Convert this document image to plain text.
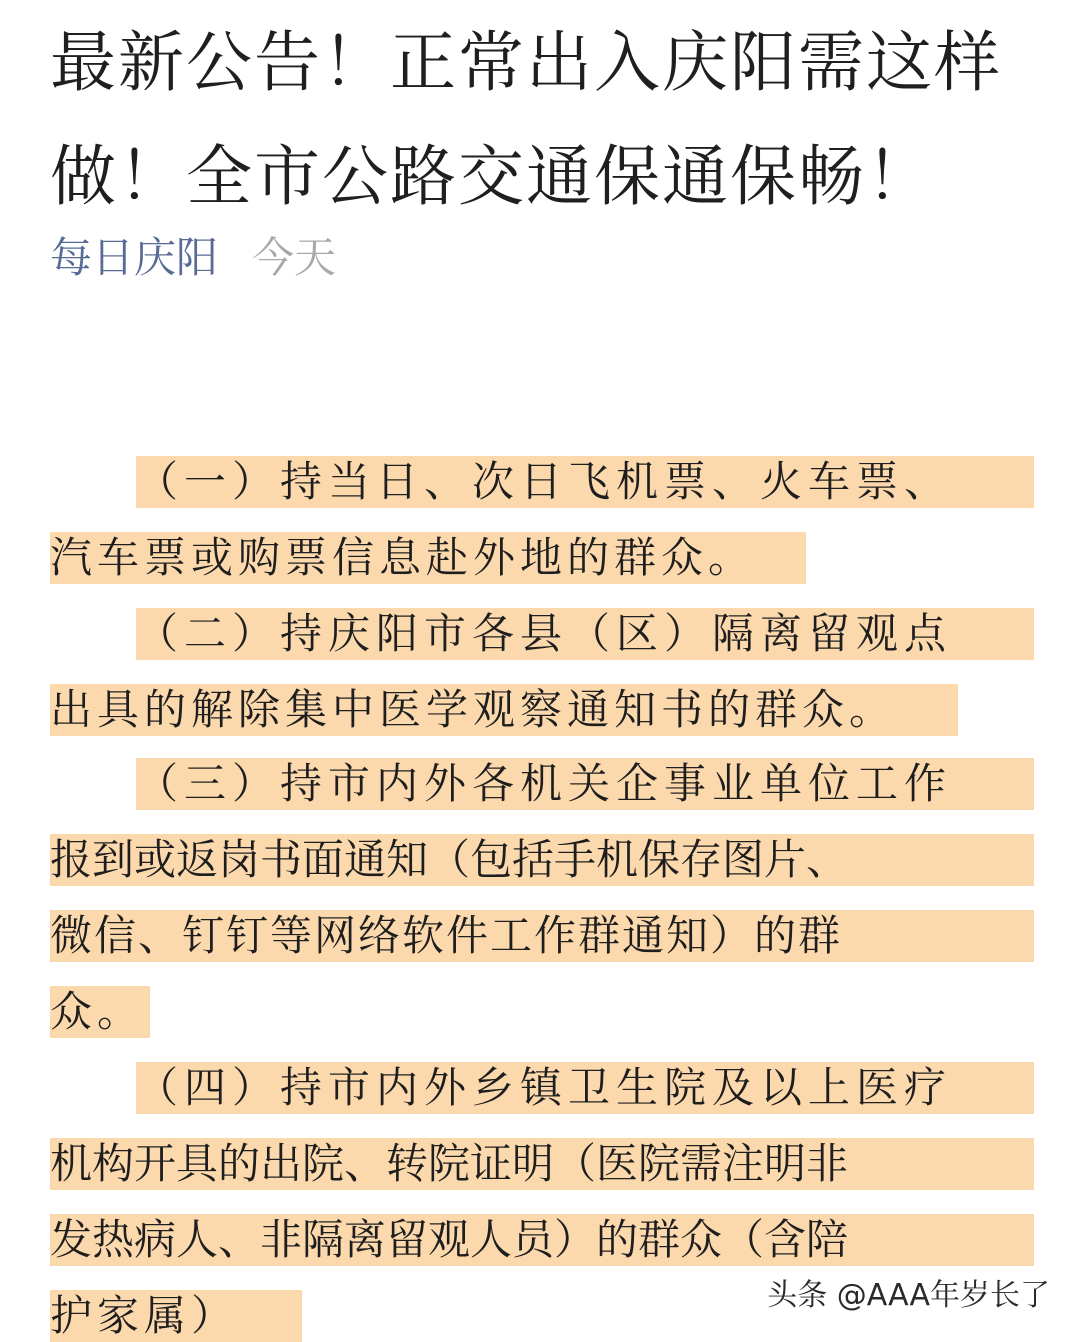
最新公告！正常出入庆阳需这样做！全市公路交通保通保畅！
每日庆阳 今天
（一）持当日、次日飞机票、火车票、
汽车票或购票信息赴外地的群众。
（二）持庆阳市各县（区）隔离留观点
出具的解除集中医学观察通知书的群众。
（三）持市内外各机关企事业单位工作
报到或返岗书面通知（包括手机保存图片、
微信、钉钉等网络软件工作群通知）的群
众。
（四）持市内外乡镇卫生院及以上医疗
机构开具的出院、转院证明（医院需注明非
发热病人、非隔离留观人员）的群众（含陪
护家属）	头条 @AAA年岁长了
